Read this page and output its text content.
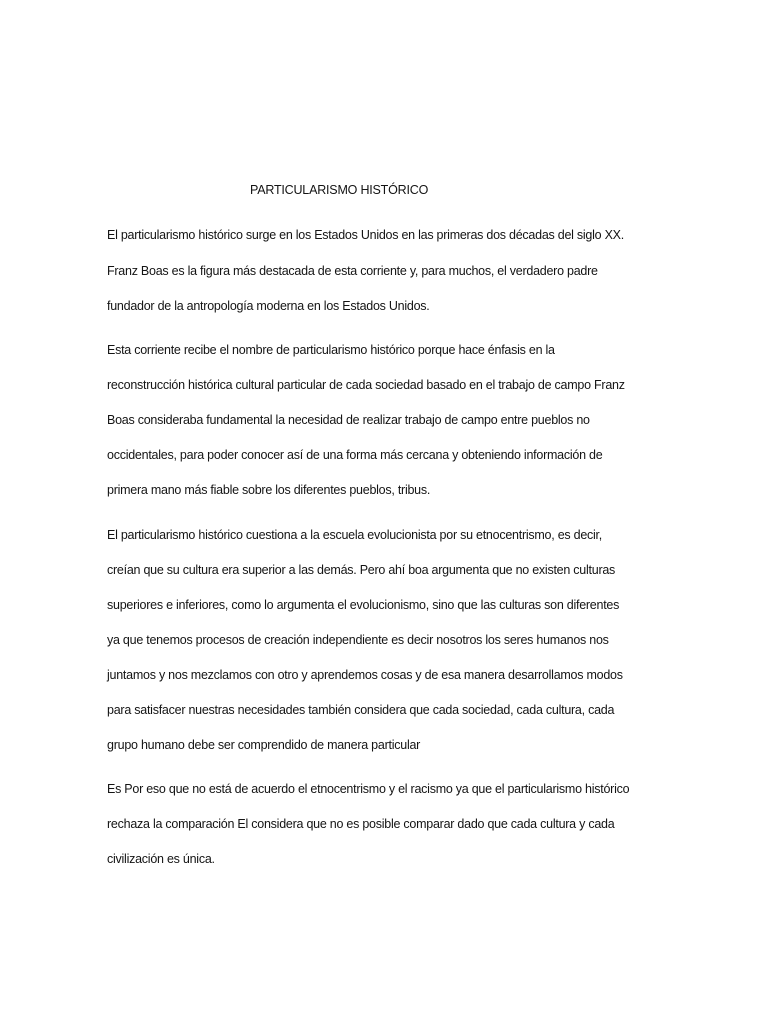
PARTICULARISMO HISTÓRICO
El particularismo histórico surge en los Estados Unidos en las primeras dos décadas del siglo XX.
Franz Boas es la figura más destacada de esta corriente y, para muchos, el verdadero padre
fundador de la antropología moderna en los Estados Unidos.
Esta corriente recibe el nombre de particularismo histórico porque hace énfasis en la
reconstrucción histórica cultural particular de cada sociedad basado en el trabajo de campo Franz
Boas consideraba fundamental la necesidad de realizar trabajo de campo entre pueblos no
occidentales, para poder conocer así de una forma más cercana y obteniendo información de
primera mano más fiable sobre los diferentes pueblos, tribus.
El particularismo histórico cuestiona a la escuela evolucionista por su etnocentrismo, es decir,
creían que su cultura era superior a las demás. Pero ahí boa argumenta que no existen culturas
superiores e inferiores, como lo argumenta el evolucionismo, sino que las culturas son diferentes
ya que tenemos procesos de creación independiente es decir nosotros los seres humanos nos
juntamos y nos mezclamos con otro y aprendemos cosas y de esa manera desarrollamos modos
para satisfacer nuestras necesidades también considera que cada sociedad, cada cultura, cada
grupo humano debe ser comprendido de manera particular
Es Por eso que no está de acuerdo el etnocentrismo y el racismo ya que el particularismo histórico
rechaza la comparación El considera que no es posible comparar dado que cada cultura y cada
civilización es única.
